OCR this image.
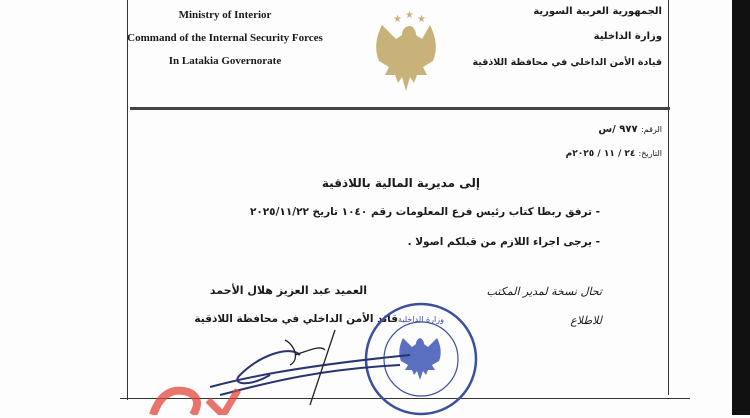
Ministry of Interior
Command of the Internal Security Forces
In Latakia Governorate
★ ★ ★
الجمهورية العربية السورية
وزارة الداخلية
قيادة الأمن الداخلي في محافظة اللاذقية
الرقم: ٩٧٧ /س
التاريخ: ٢٤ / ١١ / ٢٠٢٥م
إلى مديرية المالية باللاذقية
- ترفق ربطا كتاب رئيس فرع المعلومات رقم ١٠٤٠ تاريخ ٢٠٢٥/١١/٢٢
- يرجى اجراء اللازم من قبلكم اصولا .
العميد عبد العزيز هلال الأحمد
قائد الأمن الداخلي في محافظة اللاذقية
تحال نسخة لمدير المكتب
للاطلاع
وزارة الداخلية
